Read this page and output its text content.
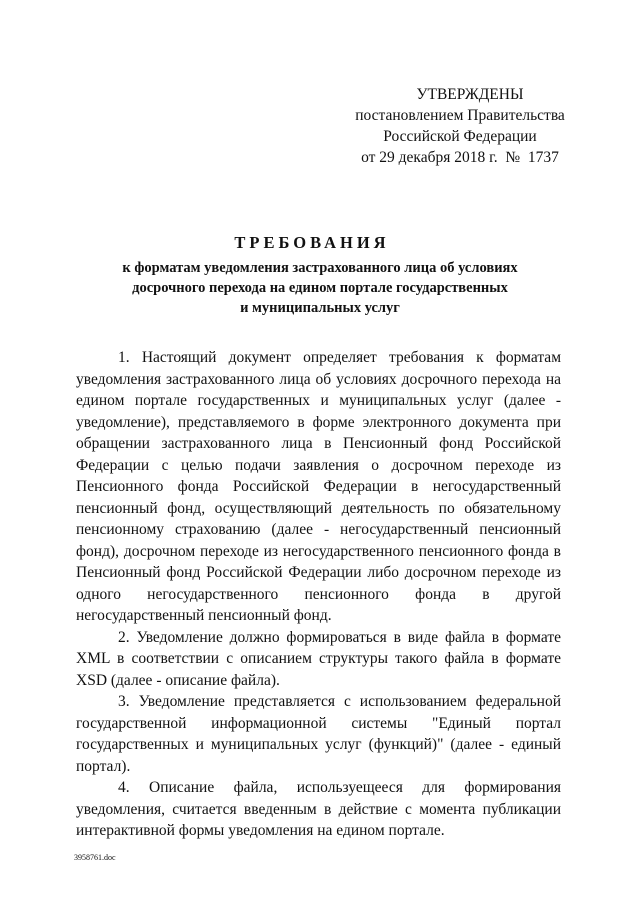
УТВЕРЖДЕНЫ
постановлением Правительства
Российской Федерации
от 29 декабря 2018 г.  №  1737
ТРЕБОВАНИЯ
к форматам уведомления застрахованного лица об условиях
досрочного перехода на едином портале государственных
и муниципальных услуг

1. Настоящий документ определяет требования к форматам уведомления застрахованного лица об условиях досрочного перехода на едином портале государственных и муниципальных услуг (далее - уведомление), представляемого в форме электронного документа при обращении застрахованного лица в Пенсионный фонд Российской Федерации с целью подачи заявления о досрочном переходе из Пенсионного фонда Российской Федерации в негосударственный пенсионный фонд, осуществляющий деятельность по обязательному пенсионному страхованию (далее - негосударственный пенсионный фонд), досрочном переходе из негосударственного пенсионного фонда в Пенсионный фонд Российской Федерации либо досрочном переходе из одного негосударственного пенсионного фонда в другой негосударственный пенсионный фонд.

2. Уведомление должно формироваться в виде файла в формате XML в соответствии с описанием структуры такого файла в формате XSD (далее - описание файла).

3. Уведомление представляется с использованием федеральной государственной информационной системы "Единый портал государственных и муниципальных услуг (функций)" (далее - единый портал).

4. Описание файла, используещееся для формирования уведомления, считается введенным в действие с момента публикации интерактивной формы уведомления на едином портале.

3958761.doc
